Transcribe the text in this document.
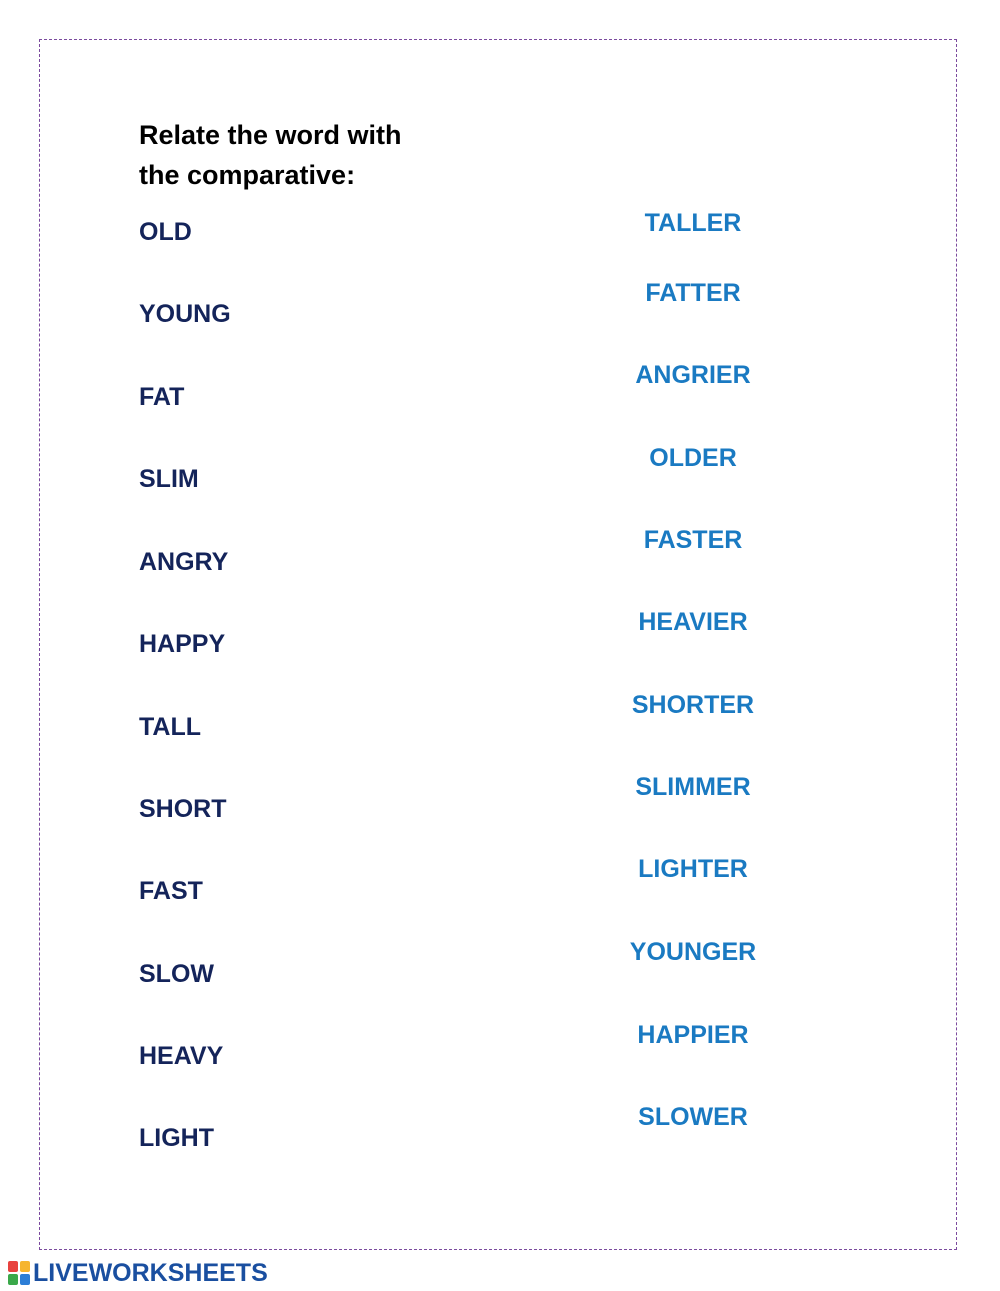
Relate the word with
the comparative:
OLD
YOUNG
FAT
SLIM
ANGRY
HAPPY
TALL
SHORT
FAST
SLOW
HEAVY
LIGHT
TALLER
FATTER
ANGRIER
OLDER
FASTER
HEAVIER
SHORTER
SLIMMER
LIGHTER
YOUNGER
HAPPIER
SLOWER
LIVEWORKSHEETS
